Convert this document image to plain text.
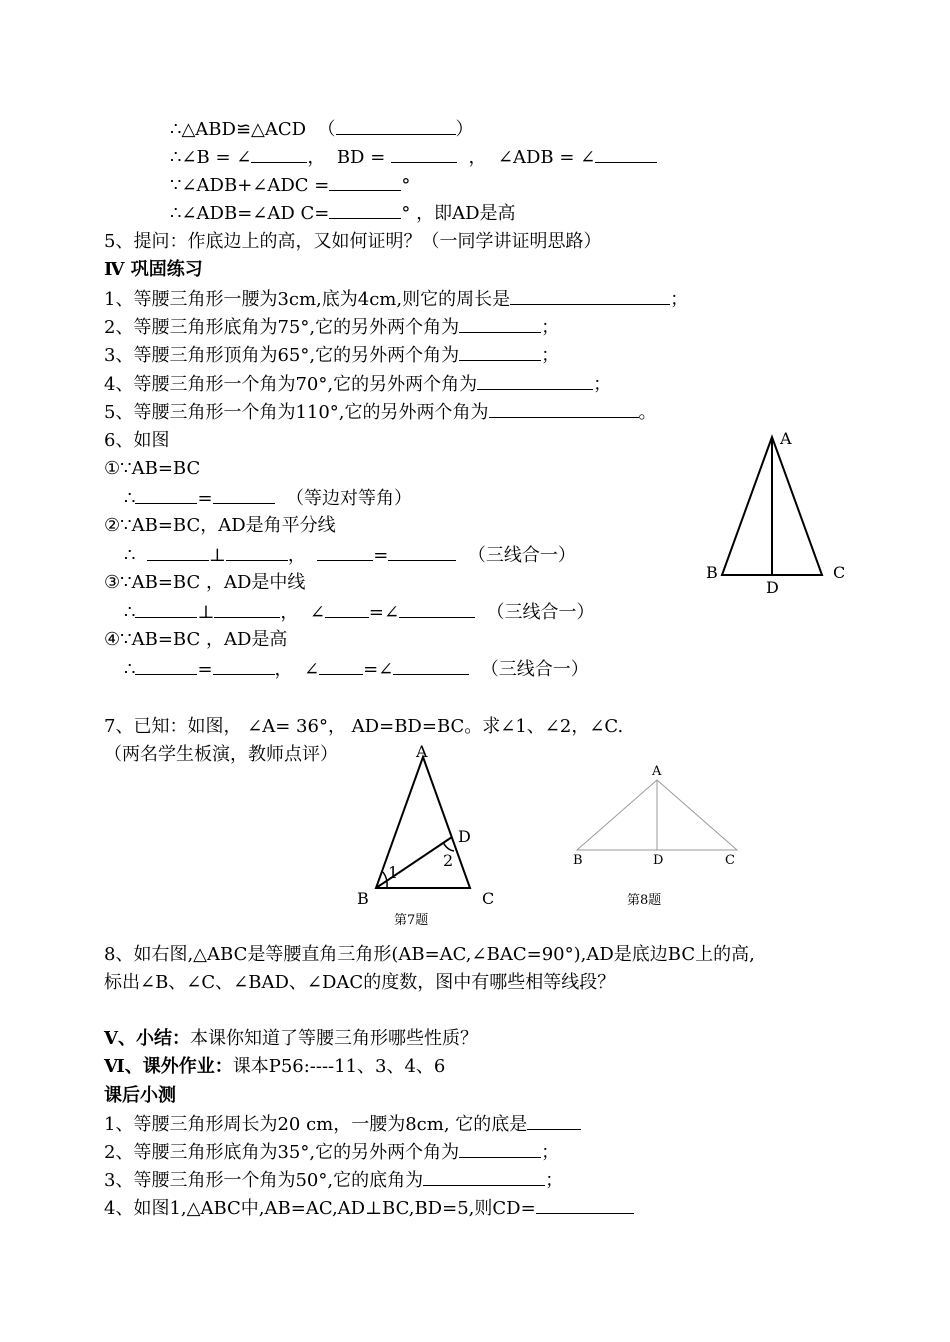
∴△ABD≌△ACD  （	）
∴∠B = ∠	，  BD =	，  ∠ADB = ∠
∵∠ADB+∠ADC =	°
∴∠ADB=∠AD C=	° ，即AD是高
5、提问：作底边上的高，又如何证明？（一同学讲证明思路）
Ⅳ 巩固练习
1、等腰三角形一腰为3cm,底为4cm,则它的周长是	；
2、等腰三角形底角为75°,它的另外两个角为	；
3、等腰三角形顶角为65°,它的另外两个角为	；
4、等腰三角形一个角为70°,它的另外两个角为	；
5、等腰三角形一个角为110°,它的另外两个角为	。
6、如图
①∵AB=BC
∴	=	（等边对等角）
②∵AB=BC，AD是角平分线
∴	⊥	，	=	（三线合一）
③∵AB=BC ，AD是中线
∴	⊥	，  ∠ =∠	（三线合一）
④∵AB=BC ，AD是高
∴	=	，  ∠ =∠	（三线合一）
A
B	C
D
7、已知：如图， ∠A= 36°， AD=BD=BC。求∠1、∠2，∠C.
（两名学生板演，教师点评）	A
D
2
1
B	C
第7题
A
B	D	C
第8题
8、如右图,△ABC是等腰直角三角形(AB=AC,∠BAC=90°),AD是底边BC上的高,
标出∠B、∠C、∠BAD、∠DAC的度数，图中有哪些相等线段？
Ⅴ、小结：本课你知道了等腰三角形哪些性质？
Ⅵ、课外作业：课本P56:----11、3、4、6
课后小测
1、等腰三角形周长为20 cm，一腰为8cm, 它的底是
2、等腰三角形底角为35°,它的另外两个角为	；
3、等腰三角形一个角为50°,它的底角为	；
4、如图1,△ABC中,AB=AC,AD⊥BC,BD=5,则CD=
